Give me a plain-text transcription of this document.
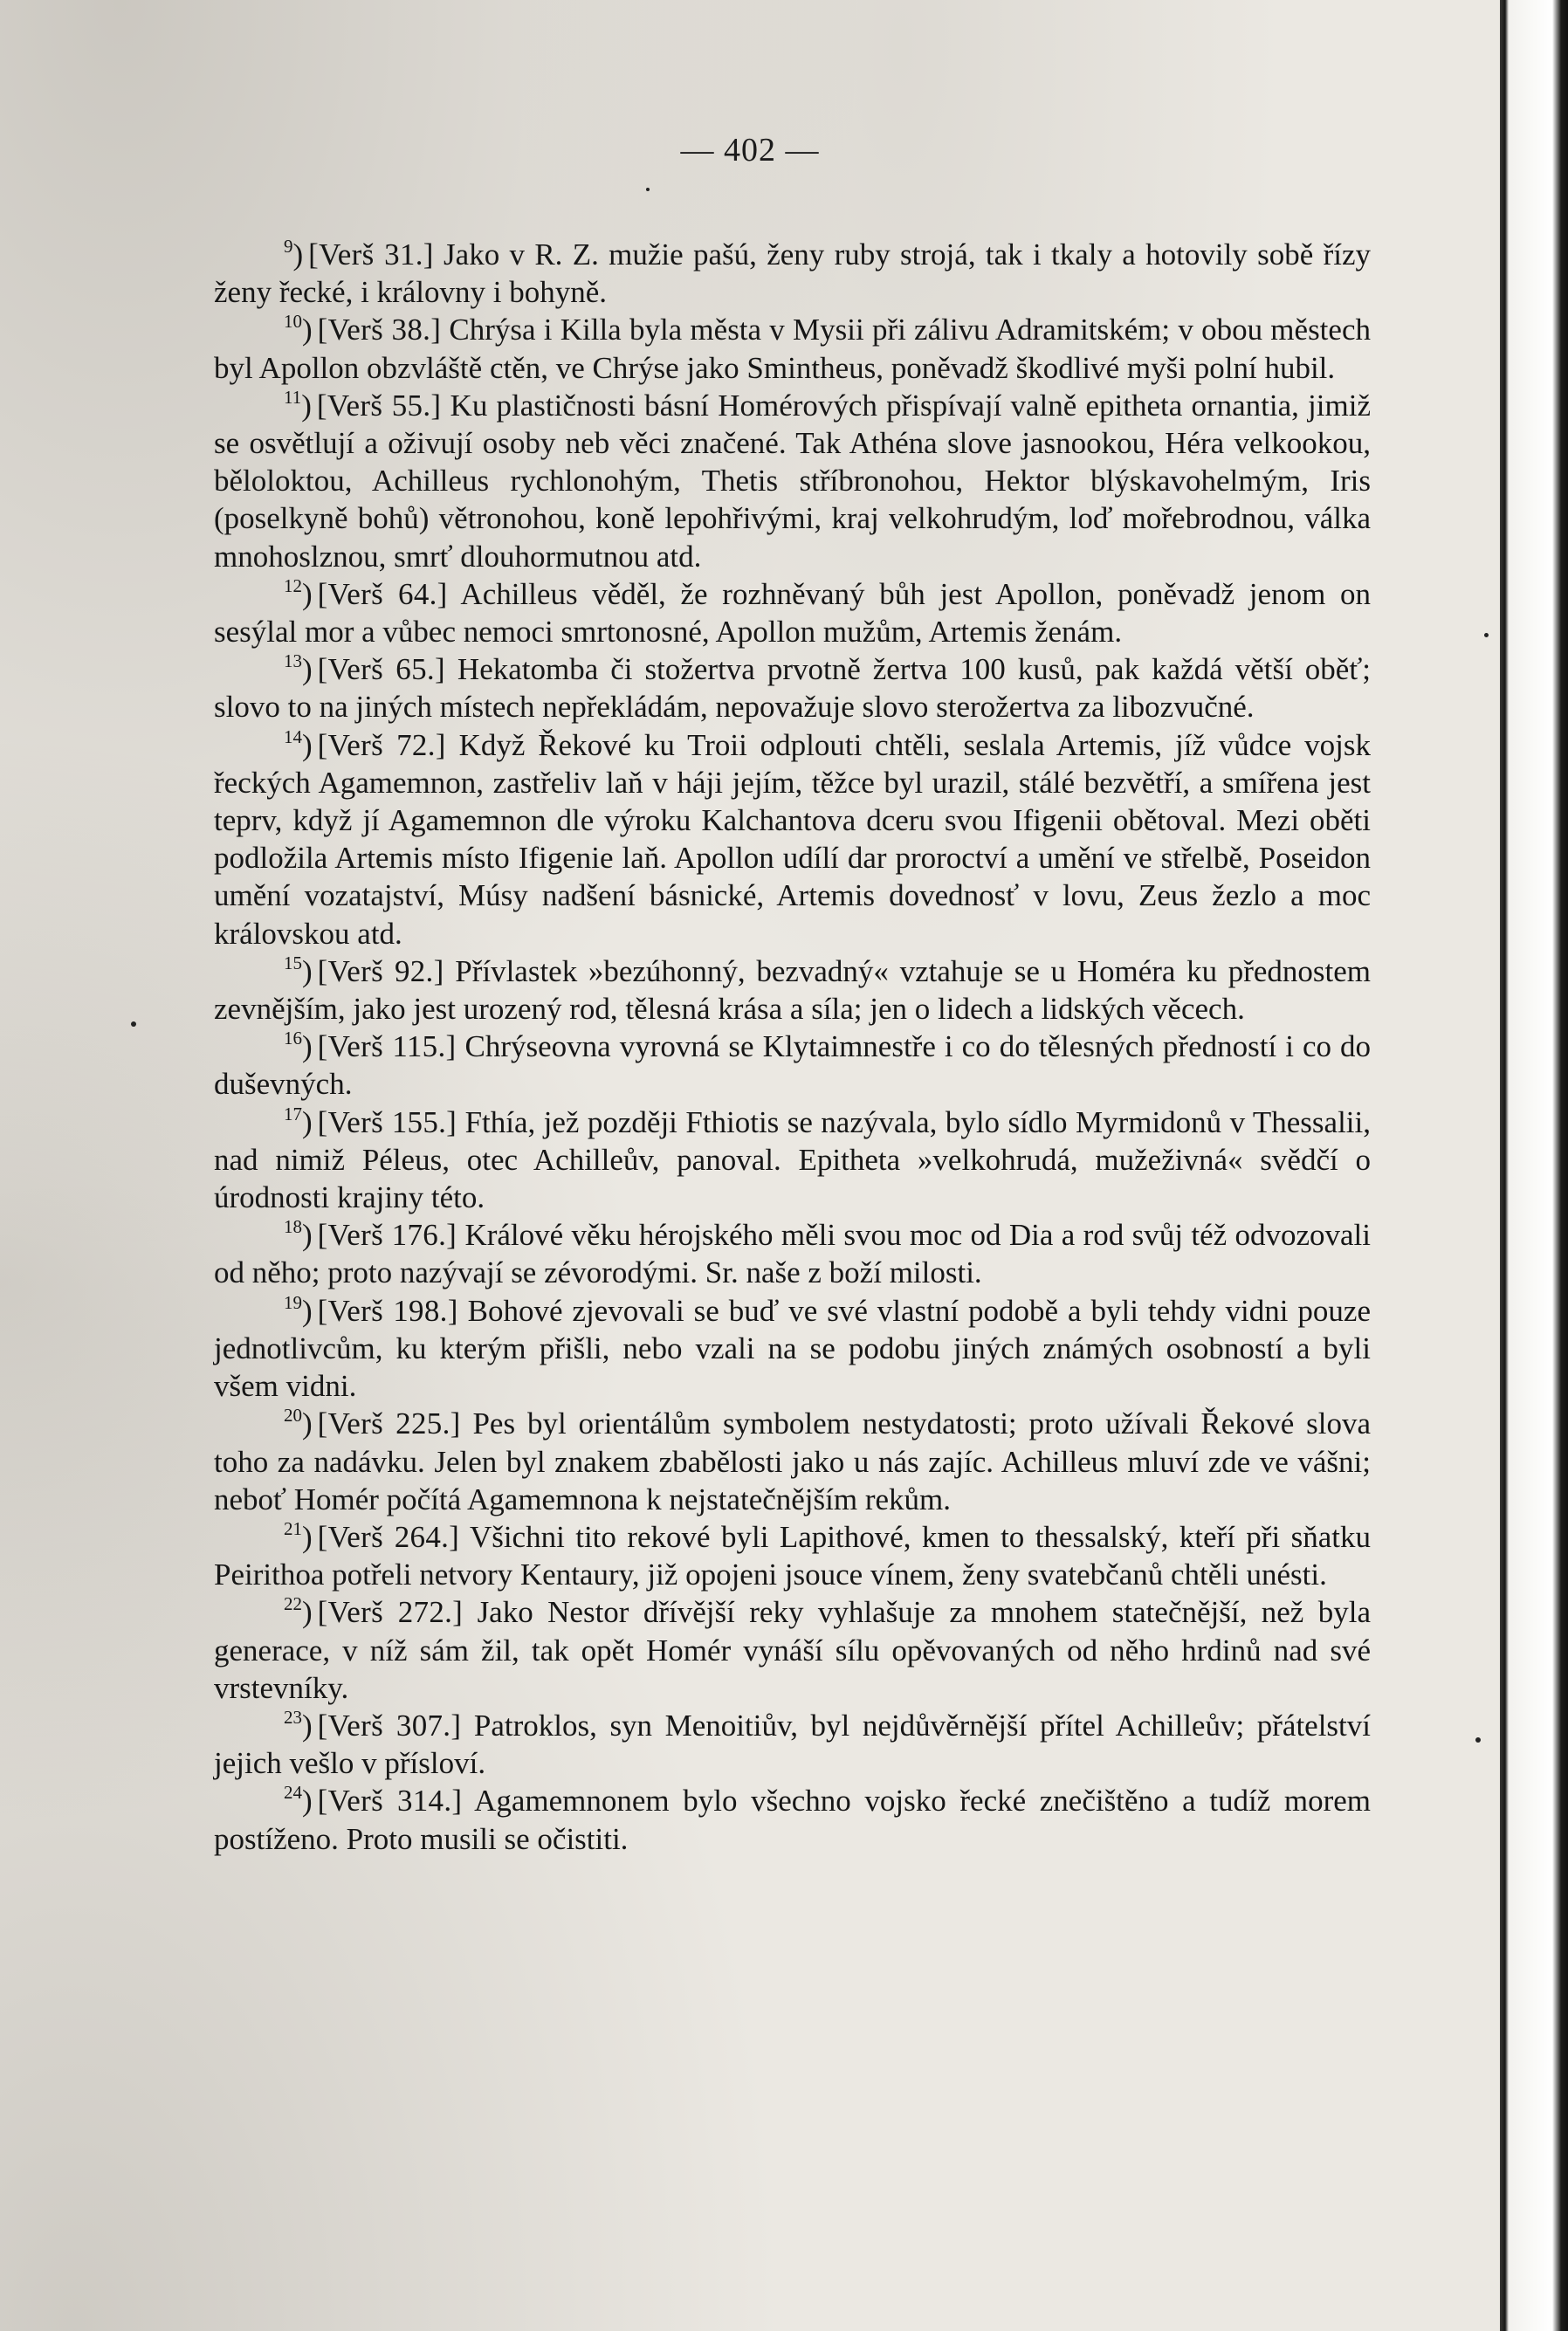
— 402 —

$^9$) [Verš 31.] Jako v R. Z. mužie pašú, ženy ruby strojá, tak i tkaly a hotovily sobě řízy ženy řecké, i královny i bohyně.

$^{10}$) [Verš 38.] Chrýsa i Killa byla města v Mysii při zálivu Adramitském; v obou městech byl Apollon obzvláště ctěn, ve Chrýse jako Smintheus, poněvadž škodlivé myši polní hubil.

$^{11}$) [Verš 55.] Ku plastičnosti básní Homérových přispívají valně epitheta ornantia, jimiž se osvětlují a oživují osoby neb věci značené. Tak Athéna slove jasnookou, Héra velkookou, běloloktou, Achilleus rychlonohým, Thetis stříbronohou, Hektor blýskavohelmým, Iris (poselkyně bohů) větronohou, koně lepohřivými, kraj velkohrudým, loď mořebrodnou, válka mnohoslznou, smrť dlouhormutnou atd.

$^{12}$) [Verš 64.] Achilleus věděl, že rozhněvaný bůh jest Apollon, poněvadž jenom on sesýlal mor a vůbec nemoci smrtonosné, Apollon mužům, Artemis ženám.

$^{13}$) [Verš 65.] Hekatomba či stožertva prvotně žertva 100 kusů, pak každá větší oběť; slovo to na jiných místech nepřekládám, nepovažuje slovo sterožertva za libozvučné.

$^{14}$) [Verš 72.] Když Řekové ku Troii odplouti chtěli, seslala Artemis, jíž vůdce vojsk řeckých Agamemnon, zastřeliv laň v háji jejím, těžce byl urazil, stálé bezvětří, a smířena jest teprv, když jí Agamemnon dle výroku Kalchantova dceru svou Ifigenii obětoval. Mezi oběti podložila Artemis místo Ifigenie laň. Apollon udílí dar proroctví a umění ve střelbě, Poseidon umění vozatajství, Músy nadšení básnické, Artemis dovednosť v lovu, Zeus žezlo a moc královskou atd.

$^{15}$) [Verš 92.] Přívlastek »bezúhonný, bezvadný« vztahuje se u Homéra ku přednostem zevnějším, jako jest urozený rod, tělesná krása a síla; jen o lidech a lidských věcech.

$^{16}$) [Verš 115.] Chrýseovna vyrovná se Klytaimnestře i co do tělesných předností i co do duševných.

$^{17}$) [Verš 155.] Fthía, jež později Fthiotis se nazývala, bylo sídlo Myrmidonů v Thessalii, nad nimiž Péleus, otec Achilleův, panoval. Epitheta »velkohrudá, mužeživná« svědčí o úrodnosti krajiny této.

$^{18}$) [Verš 176.] Králové věku hérojského měli svou moc od Dia a rod svůj též odvozovali od něho; proto nazývají se zévorodými. Sr. naše z boží milosti.

$^{19}$) [Verš 198.] Bohové zjevovali se buď ve své vlastní podobě a byli tehdy vidni pouze jednotlivcům, ku kterým přišli, nebo vzali na se podobu jiných známých osobností a byli všem vidni.

$^{20}$) [Verš 225.] Pes byl orientálům symbolem nestydatosti; proto užívali Řekové slova toho za nadávku. Jelen byl znakem zbabělosti jako u nás zajíc. Achilleus mluví zde ve vášni; neboť Homér počítá Agamemnona k nejstatečnějším rekům.

$^{21}$) [Verš 264.] Všichni tito rekové byli Lapithové, kmen to thessalský, kteří při sňatku Peirithoa potřeli netvory Kentaury, již opojeni jsouce vínem, ženy svatebčanů chtěli unésti.

$^{22}$) [Verš 272.] Jako Nestor dřívější reky vyhlašuje za mnohem statečnější, než byla generace, v níž sám žil, tak opět Homér vynáší sílu opěvovaných od něho hrdinů nad své vrstevníky.

$^{23}$) [Verš 307.] Patroklos, syn Menoitiův, byl nejdůvěrnější přítel Achilleův; přátelství jejich vešlo v přísloví.

$^{24}$) [Verš 314.] Agamemnonem bylo všechno vojsko řecké znečištěno a tudíž morem postíženo. Proto musili se očistiti.
